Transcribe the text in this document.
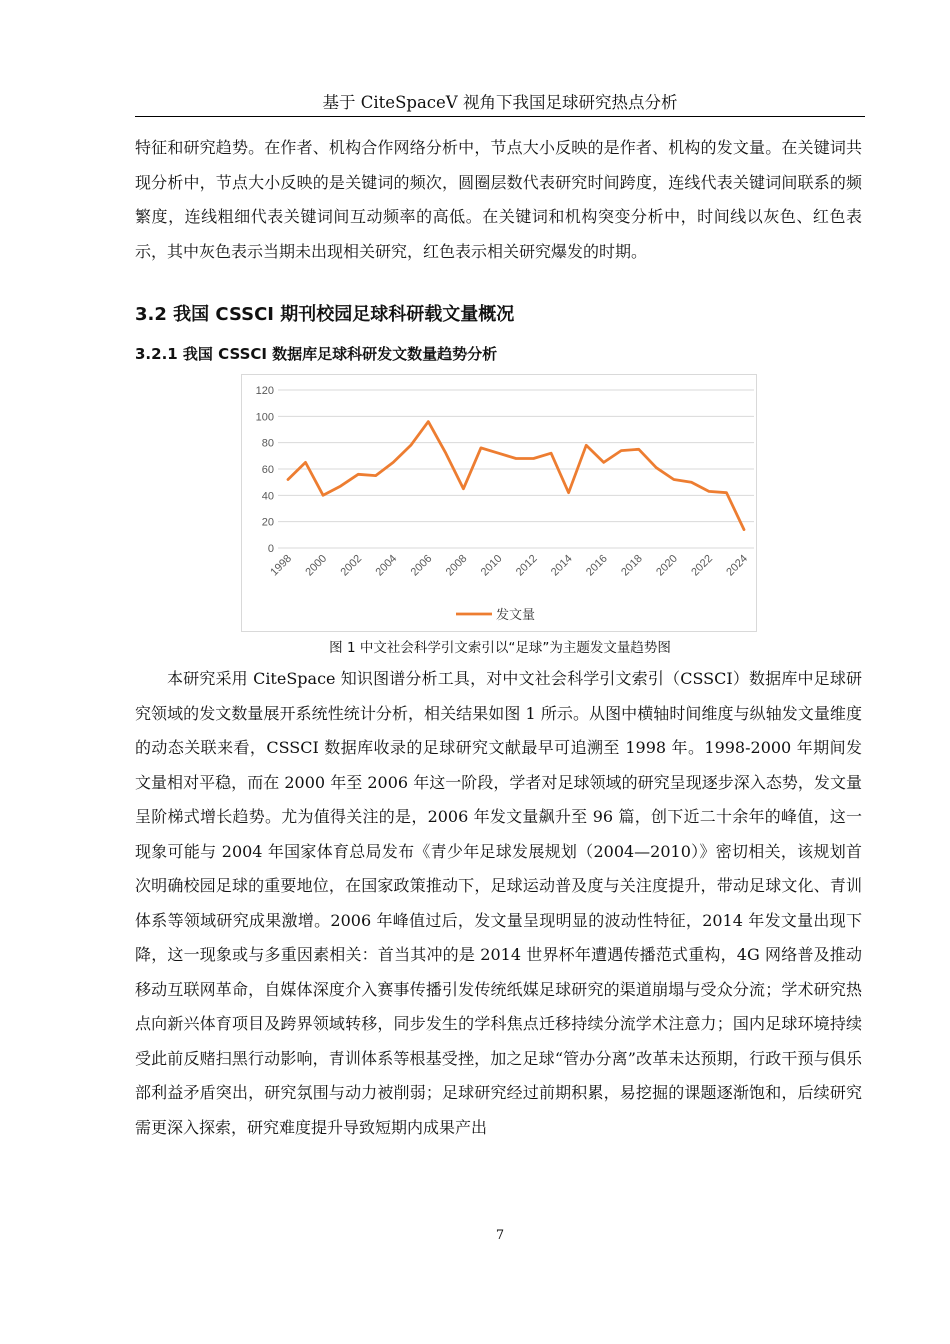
基于 CiteSpaceV 视角下我国足球研究热点分析

特征和研究趋势。在作者、机构合作网络分析中，节点大小反映的是作者、机构的发文量。在关键词共现分析中，节点大小反映的是关键词的频次，圆圈层数代表研究时间跨度，连线代表关键词间联系的频繁度，连线粗细代表关键词间互动频率的高低。在关键词和机构突变分析中，时间线以灰色、红色表示，其中灰色表示当期未出现相关研究，红色表示相关研究爆发的时期。

3.2 我国 CSSCI 期刊校园足球科研载文量概况
3.2.1 我国 CSSCI 数据库足球科研发文数量趋势分析
0
20
40
60
80
100
120
1998 2000 2002 2004 2006 2008 2010 2012 2014 2016 2018 2020 2022 2024
发文量
图 1 中文社会科学引文索引以“足球”为主题发文量趋势图

本研究采用 CiteSpace 知识图谱分析工具，对中文社会科学引文索引（CSSCI）数据库中足球研究领域的发文数量展开系统性统计分析，相关结果如图 1 所示。从图中横轴时间维度与纵轴发文量维度的动态关联来看，CSSCI 数据库收录的足球研究文献最早可追溯至 1998 年。1998-2000 年期间发文量相对平稳，而在 2000 年至 2006 年这一阶段，学者对足球领域的研究呈现逐步深入态势，发文量呈阶梯式增长趋势。尤为值得关注的是，2006 年发文量飙升至 96 篇，创下近二十余年的峰值，这一现象可能与 2004 年国家体育总局发布《青少年足球发展规划（2004—2010）》密切相关，该规划首次明确校园足球的重要地位，在国家政策推动下，足球运动普及度与关注度提升，带动足球文化、青训体系等领域研究成果激增。2006 年峰值过后，发文量呈现明显的波动性特征，2014 年发文量出现下降，这一现象或与多重因素相关：首当其冲的是 2014 世界杯年遭遇传播范式重构，4G 网络普及推动移动互联网革命，自媒体深度介入赛事传播引发传统纸媒足球研究的渠道崩塌与受众分流；学术研究热点向新兴体育项目及跨界领域转移，同步发生的学科焦点迁移持续分流学术注意力；国内足球环境持续受此前反赌扫黑行动影响，青训体系等根基受挫，加之足球“管办分离”改革未达预期，行政干预与俱乐部利益矛盾突出，研究氛围与动力被削弱；足球研究经过前期积累，易挖掘的课题逐渐饱和，后续研究需更深入探索，研究难度提升导致短期内成果产出

7
